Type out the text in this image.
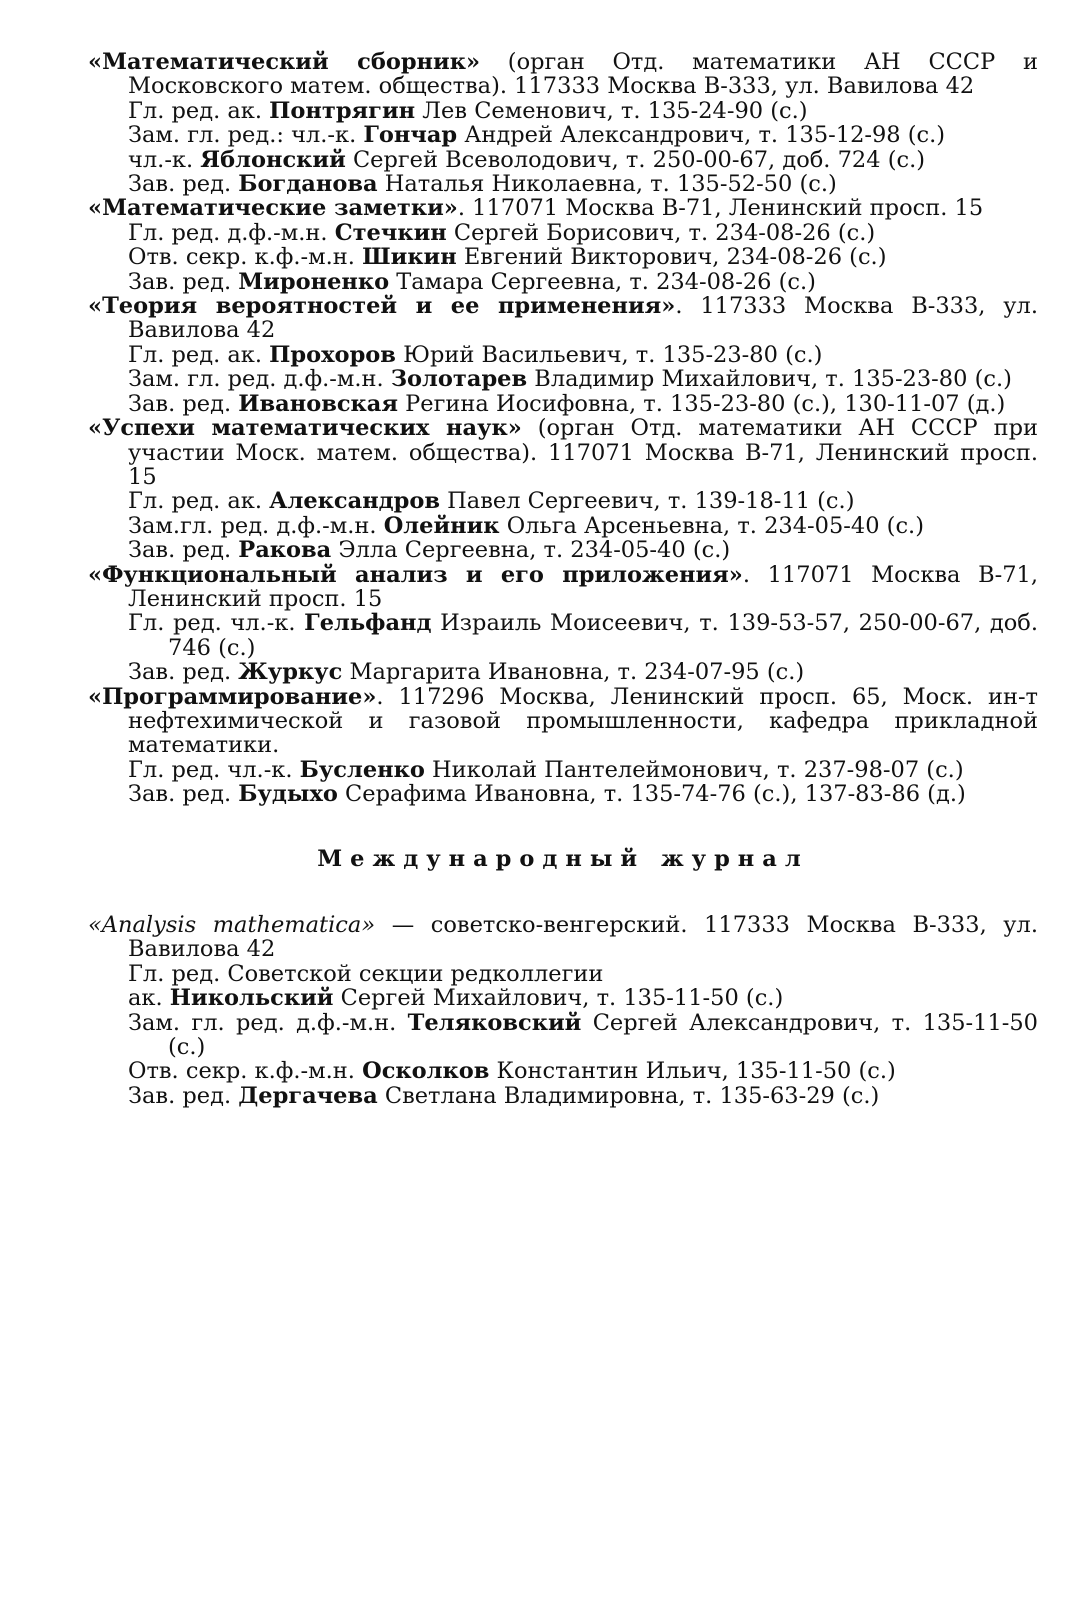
«Математический сборник» (орган Отд. математики АН СССР и Московского матем. общества). 117333 Москва В-333, ул. Вавилова 42
Гл. ред. ак. Понтрягин Лев Семенович, т. 135-24-90 (с.)
Зам. гл. ред.: чл.-к. Гончар Андрей Александрович, т. 135-12-98 (с.)
чл.-к. Яблонский Сергей Всеволодович, т. 250-00-67, доб. 724 (с.)
Зав. ред. Богданова Наталья Николаевна, т. 135-52-50 (с.)
«Математические заметки». 117071 Москва В-71, Ленинский просп. 15
Гл. ред. д.ф.-м.н. Стечкин Сергей Борисович, т. 234-08-26 (с.)
Отв. секр. к.ф.-м.н. Шикин Евгений Викторович, 234-08-26 (с.)
Зав. ред. Мироненко Тамара Сергеевна, т. 234-08-26 (с.)
«Теория вероятностей и ее применения». 117333 Москва В-333, ул. Вавилова 42
Гл. ред. ак. Прохоров Юрий Васильевич, т. 135-23-80 (с.)
Зам. гл. ред. д.ф.-м.н. Золотарев Владимир Михайлович, т. 135-23-80 (с.)
Зав. ред. Ивановская Регина Иосифовна, т. 135-23-80 (с.), 130-11-07 (д.)
«Успехи математических наук» (орган Отд. математики АН СССР при участии Моск. матем. общества). 117071 Москва В-71, Ленинский просп. 15
Гл. ред. ак. Александров Павел Сергеевич, т. 139-18-11 (с.)
Зам.гл. ред. д.ф.-м.н. Олейник Ольга Арсеньевна, т. 234-05-40 (с.)
Зав. ред. Ракова Элла Сергеевна, т. 234-05-40 (с.)
«Функциональный анализ и его приложения». 117071 Москва В-71, Ленинский просп. 15
Гл. ред. чл.-к. Гельфанд Израиль Моисеевич, т. 139-53-57, 250-00-67, доб. 746 (с.)
Зав. ред. Журкус Маргарита Ивановна, т. 234-07-95 (с.)
«Программирование». 117296 Москва, Ленинский просп. 65, Моск. ин-т нефтехимической и газовой промышленности, кафедра прикладной математики.
Гл. ред. чл.-к. Бусленко Николай Пантелеймонович, т. 237-98-07 (с.)
Зав. ред. Будыхо Серафима Ивановна, т. 135-74-76 (с.), 137-83-86 (д.)
Международный журнал
«Analysis mathematica» — советско-венгерский. 117333 Москва В-333, ул. Вавилова 42
Гл. ред. Советской секции редколлегии
ак. Никольский Сергей Михайлович, т. 135-11-50 (с.)
Зам. гл. ред. д.ф.-м.н. Теляковский Сергей Александрович, т. 135-11-50 (с.)
Отв. секр. к.ф.-м.н. Осколков Константин Ильич, 135-11-50 (с.)
Зав. ред. Дергачева Светлана Владимировна, т. 135-63-29 (с.)
